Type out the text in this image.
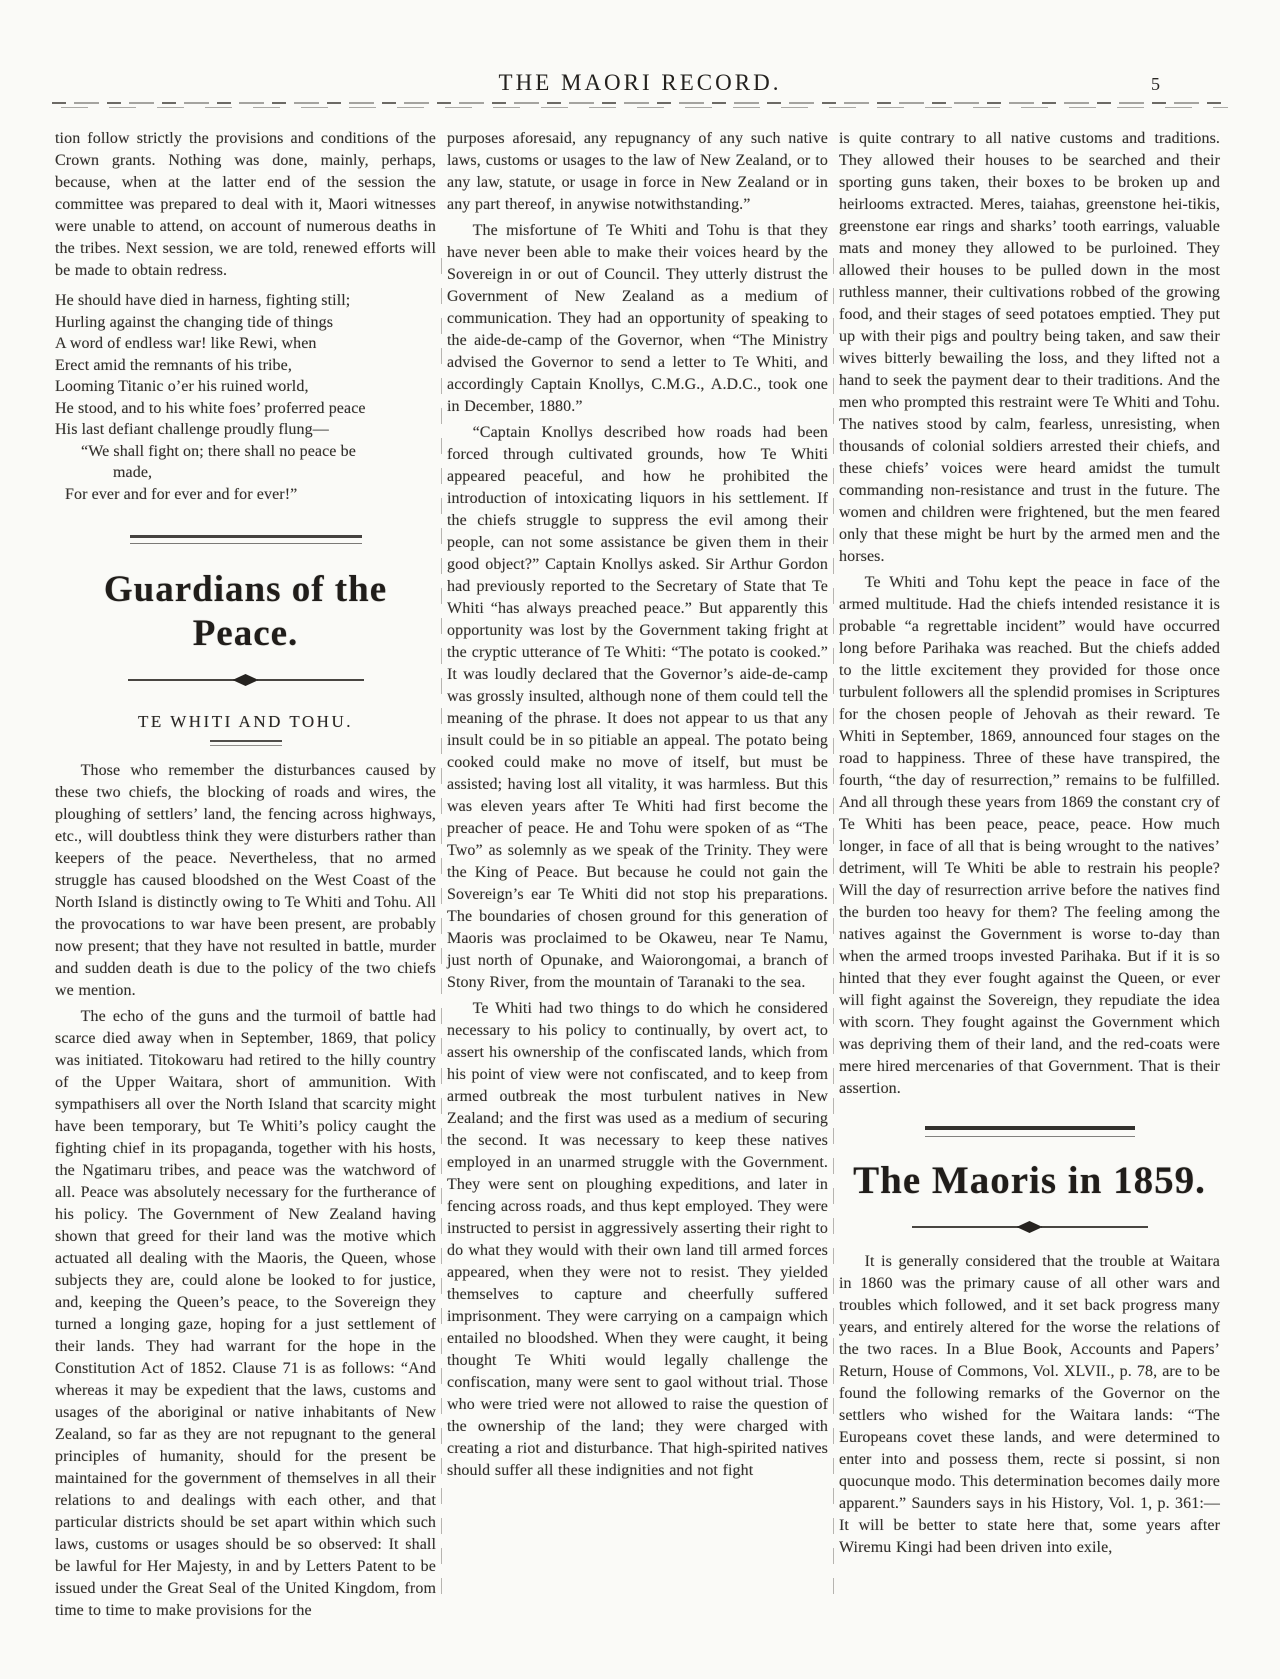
THE MAORI RECORD.	5

tion follow strictly the provisions and conditions of the Crown grants. Nothing was done, mainly, perhaps, because, when at the latter end of the session the committee was prepared to deal with it, Maori witnesses were unable to attend, on account of numerous deaths in the tribes. Next session, we are told, renewed efforts will be made to obtain redress.

He should have died in harness, fighting still;
Hurling against the changing tide of things
A word of endless war! like Rewi, when
Erect amid the remnants of his tribe,
Looming Titanic o’er his ruined world,
He stood, and to his white foes’ proferred peace
His last defiant challenge proudly flung—
“We shall fight on; there shall no peace be
made,
For ever and for ever and for ever!”
Guardians of the
Peace.
TE WHITI AND TOHU.

Those who remember the disturbances caused by these two chiefs, the blocking of roads and wires, the ploughing of settlers’ land, the fencing across highways, etc., will doubtless think they were disturbers rather than keepers of the peace. Nevertheless, that no armed struggle has caused bloodshed on the West Coast of the North Island is distinctly owing to Te Whiti and Tohu. All the provocations to war have been present, are probably now present; that they have not resulted in battle, murder and sudden death is due to the policy of the two chiefs we mention.

The echo of the guns and the turmoil of battle had scarce died away when in September, 1869, that policy was initiated. Titokowaru had retired to the hilly country of the Upper Waitara, short of ammunition. With sympathisers all over the North Island that scarcity might have been temporary, but Te Whiti’s policy caught the fighting chief in its propaganda, together with his hosts, the Ngatimaru tribes, and peace was the watchword of all. Peace was absolutely necessary for the furtherance of his policy. The Government of New Zealand having shown that greed for their land was the motive which actuated all dealing with the Maoris, the Queen, whose subjects they are, could alone be looked to for justice, and, keeping the Queen’s peace, to the Sovereign they turned a longing gaze, hoping for a just settlement of their lands. They had warrant for the hope in the Constitution Act of 1852. Clause 71 is as follows: “And whereas it may be expedient that the laws, customs and usages of the aboriginal or native inhabitants of New Zealand, so far as they are not repugnant to the general principles of humanity, should for the present be maintained for the government of themselves in all their relations to and dealings with each other, and that particular districts should be set apart within which such laws, customs or usages should be so observed: It shall be lawful for Her Majesty, in and by Letters Patent to be issued under the Great Seal of the United Kingdom, from time to time to make provisions for the

purposes aforesaid, any repugnancy of any such native laws, customs or usages to the law of New Zealand, or to any law, statute, or usage in force in New Zealand or in any part thereof, in anywise notwithstanding.”

The misfortune of Te Whiti and Tohu is that they have never been able to make their voices heard by the Sovereign in or out of Council. They utterly distrust the Government of New Zealand as a medium of communication. They had an opportunity of speaking to the aide-de-camp of the Governor, when “The Ministry advised the Governor to send a letter to Te Whiti, and accordingly Captain Knollys, C.M.G., A.D.C., took one in December, 1880.”

“Captain Knollys described how roads had been forced through cultivated grounds, how Te Whiti appeared peaceful, and how he prohibited the introduction of intoxicating liquors in his settlement. If the chiefs struggle to suppress the evil among their people, can not some assistance be given them in their good object?” Captain Knollys asked. Sir Arthur Gordon had previously reported to the Secretary of State that Te Whiti “has always preached peace.” But apparently this opportunity was lost by the Government taking fright at the cryptic utterance of Te Whiti: “The potato is cooked.” It was loudly declared that the Governor’s aide-de-camp was grossly insulted, although none of them could tell the meaning of the phrase. It does not appear to us that any insult could be in so pitiable an appeal. The potato being cooked could make no move of itself, but must be assisted; having lost all vitality, it was harmless. But this was eleven years after Te Whiti had first become the preacher of peace. He and Tohu were spoken of as “The Two” as solemnly as we speak of the Trinity. They were the King of Peace. But because he could not gain the Sovereign’s ear Te Whiti did not stop his preparations. The boundaries of chosen ground for this generation of Maoris was proclaimed to be Okaweu, near Te Namu, just north of Opunake, and Waiorongomai, a branch of Stony River, from the mountain of Taranaki to the sea.

Te Whiti had two things to do which he considered necessary to his policy to continually, by overt act, to assert his ownership of the confiscated lands, which from his point of view were not confiscated, and to keep from armed outbreak the most turbulent natives in New Zealand; and the first was used as a medium of securing the second. It was necessary to keep these natives employed in an unarmed struggle with the Government. They were sent on ploughing expeditions, and later in fencing across roads, and thus kept employed. They were instructed to persist in aggressively asserting their right to do what they would with their own land till armed forces appeared, when they were not to resist. They yielded themselves to capture and cheerfully suffered imprisonment. They were carrying on a campaign which entailed no bloodshed. When they were caught, it being thought Te Whiti would legally challenge the confiscation, many were sent to gaol without trial. Those who were tried were not allowed to raise the question of the ownership of the land; they were charged with creating a riot and disturbance. That high-spirited natives should suffer all these indignities and not fight

is quite contrary to all native customs and traditions. They allowed their houses to be searched and their sporting guns taken, their boxes to be broken up and heirlooms extracted. Meres, taiahas, greenstone hei-tikis, greenstone ear rings and sharks’ tooth earrings, valuable mats and money they allowed to be purloined. They allowed their houses to be pulled down in the most ruthless manner, their cultivations robbed of the growing food, and their stages of seed potatoes emptied. They put up with their pigs and poultry being taken, and saw their wives bitterly bewailing the loss, and they lifted not a hand to seek the payment dear to their traditions. And the men who prompted this restraint were Te Whiti and Tohu. The natives stood by calm, fearless, unresisting, when thousands of colonial soldiers arrested their chiefs, and these chiefs’ voices were heard amidst the tumult commanding non-resistance and trust in the future. The women and children were frightened, but the men feared only that these might be hurt by the armed men and the horses.

Te Whiti and Tohu kept the peace in face of the armed multitude. Had the chiefs intended resistance it is probable “a regrettable incident” would have occurred long before Parihaka was reached. But the chiefs added to the little excitement they provided for those once turbulent followers all the splendid promises in Scriptures for the chosen people of Jehovah as their reward. Te Whiti in September, 1869, announced four stages on the road to happiness. Three of these have transpired, the fourth, “the day of resurrection,” remains to be fulfilled. And all through these years from 1869 the constant cry of Te Whiti has been peace, peace, peace. How much longer, in face of all that is being wrought to the natives’ detriment, will Te Whiti be able to restrain his people? Will the day of resurrection arrive before the natives find the burden too heavy for them? The feeling among the natives against the Government is worse to-day than when the armed troops invested Parihaka. But if it is so hinted that they ever fought against the Queen, or ever will fight against the Sovereign, they repudiate the idea with scorn. They fought against the Government which was depriving them of their land, and the red-coats were mere hired mercenaries of that Government. That is their assertion.

The Maoris in 1859.

It is generally considered that the trouble at Waitara in 1860 was the primary cause of all other wars and troubles which followed, and it set back progress many years, and entirely altered for the worse the relations of the two races. In a Blue Book, Accounts and Papers’ Return, House of Commons, Vol. XLVII., p. 78, are to be found the following remarks of the Governor on the settlers who wished for the Waitara lands: “The Europeans covet these lands, and were determined to enter into and possess them, recte si possint, si non quocunque modo. This determination becomes daily more apparent.” Saunders says in his History, Vol. 1, p. 361:— It will be better to state here that, some years after Wiremu Kingi had been driven into exile,
